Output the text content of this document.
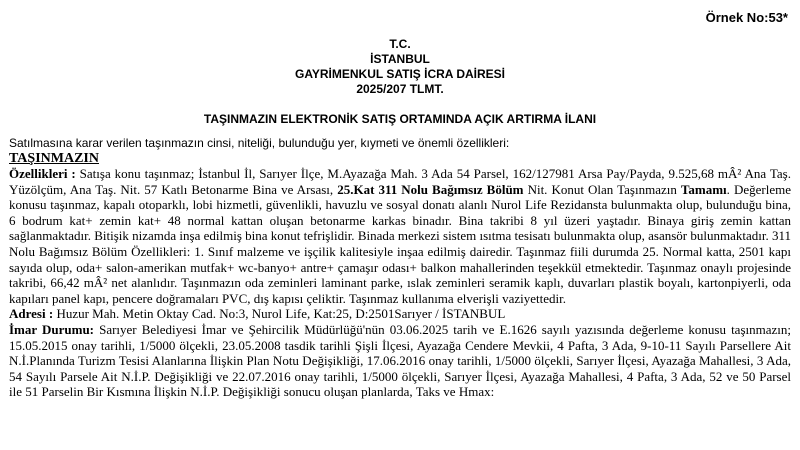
Örnek No:53*
T.C.
İSTANBUL
GAYRİMENKUL SATIŞ İCRA DAİRESİ
2025/207 TLMT.
TAŞINMAZIN ELEKTRONİK SATIŞ ORTAMINDA AÇIK ARTIRMA İLANI
Satılmasına karar verilen taşınmazın cinsi, niteliği, bulunduğu yer, kıymeti ve önemli özellikleri:
TAŞINMAZIN

Özellikleri : Satışa konu taşınmaz; İstanbul İl, Sarıyer İlçe, M.Ayazağa Mah. 3 Ada 54 Parsel, 162/127981 Arsa Pay/Payda, 9.525,68 mÂ² Ana Taş. Yüzölçüm, Ana Taş. Nit. 57 Katlı Betonarme Bina ve Arsası, 25.Kat 311 Nolu Bağımsız Bölüm Nit. Konut Olan Taşınmazın Tamamı. Değerleme konusu taşınmaz, kapalı otoparklı, lobi hizmetli, güvenlikli, havuzlu ve sosyal donatı alanlı Nurol Life Rezidansta bulunmakta olup, bulunduğu bina, 6 bodrum kat+ zemin kat+ 48 normal kattan oluşan betonarme karkas binadır. Bina takribi 8 yıl üzeri yaştadır. Binaya giriş zemin kattan sağlanmaktadır. Bitişik nizamda inşa edilmiş bina konut tefrişlidir. Binada merkezi sistem ısıtma tesisatı bulunmakta olup, asansör bulunmaktadır. 311 Nolu Bağımsız Bölüm Özellikleri: 1. Sınıf malzeme ve işçilik kalitesiyle inşaa edilmiş dairedir. Taşınmaz fiili durumda 25. Normal katta, 2501 kapı sayıda olup, oda+ salon-amerikan mutfak+ wc-banyo+ antre+ çamaşır odası+ balkon mahallerinden teşekkül etmektedir. Taşınmaz onaylı projesinde takribi, 66,42 mÂ² net alanlıdır. Taşınmazın oda zeminleri laminant parke, ıslak zeminleri seramik kaplı, duvarları plastik boyalı, kartonpiyerli, oda kapıları panel kapı, pencere doğramaları PVC, dış kapısı çeliktir. Taşınmaz kullanıma elverişli vaziyettedir.

Adresi : Huzur Mah. Metin Oktay Cad. No:3, Nurol Life, Kat:25, D:2501Sarıyer / İSTANBUL

İmar Durumu: Sarıyer Belediyesi İmar ve Şehircilik Müdürlüğü'nün 03.06.2025 tarih ve E.1626 sayılı yazısında değerleme konusu taşınmazın; 15.05.2015 onay tarihli, 1/5000 ölçekli, 23.05.2008 tasdik tarihli Şişli İlçesi, Ayazağa Cendere Mevkii, 4 Pafta, 3 Ada, 9-10-11 Sayılı Parsellere Ait N.İ.Planında Turizm Tesisi Alanlarına İlişkin Plan Notu Değişikliği, 17.06.2016 onay tarihli, 1/5000 ölçekli, Sarıyer İlçesi, Ayazağa Mahallesi, 3 Ada, 54 Sayılı Parsele Ait N.İ.P. Değişikliği ve 22.07.2016 onay tarihli, 1/5000 ölçekli, Sarıyer İlçesi, Ayazağa Mahallesi, 4 Pafta, 3 Ada, 52 ve 50 Parsel ile 51 Parselin Bir Kısmına İlişkin N.İ.P. Değişikliği sonucu oluşan planlarda, Taks ve Hmax:
